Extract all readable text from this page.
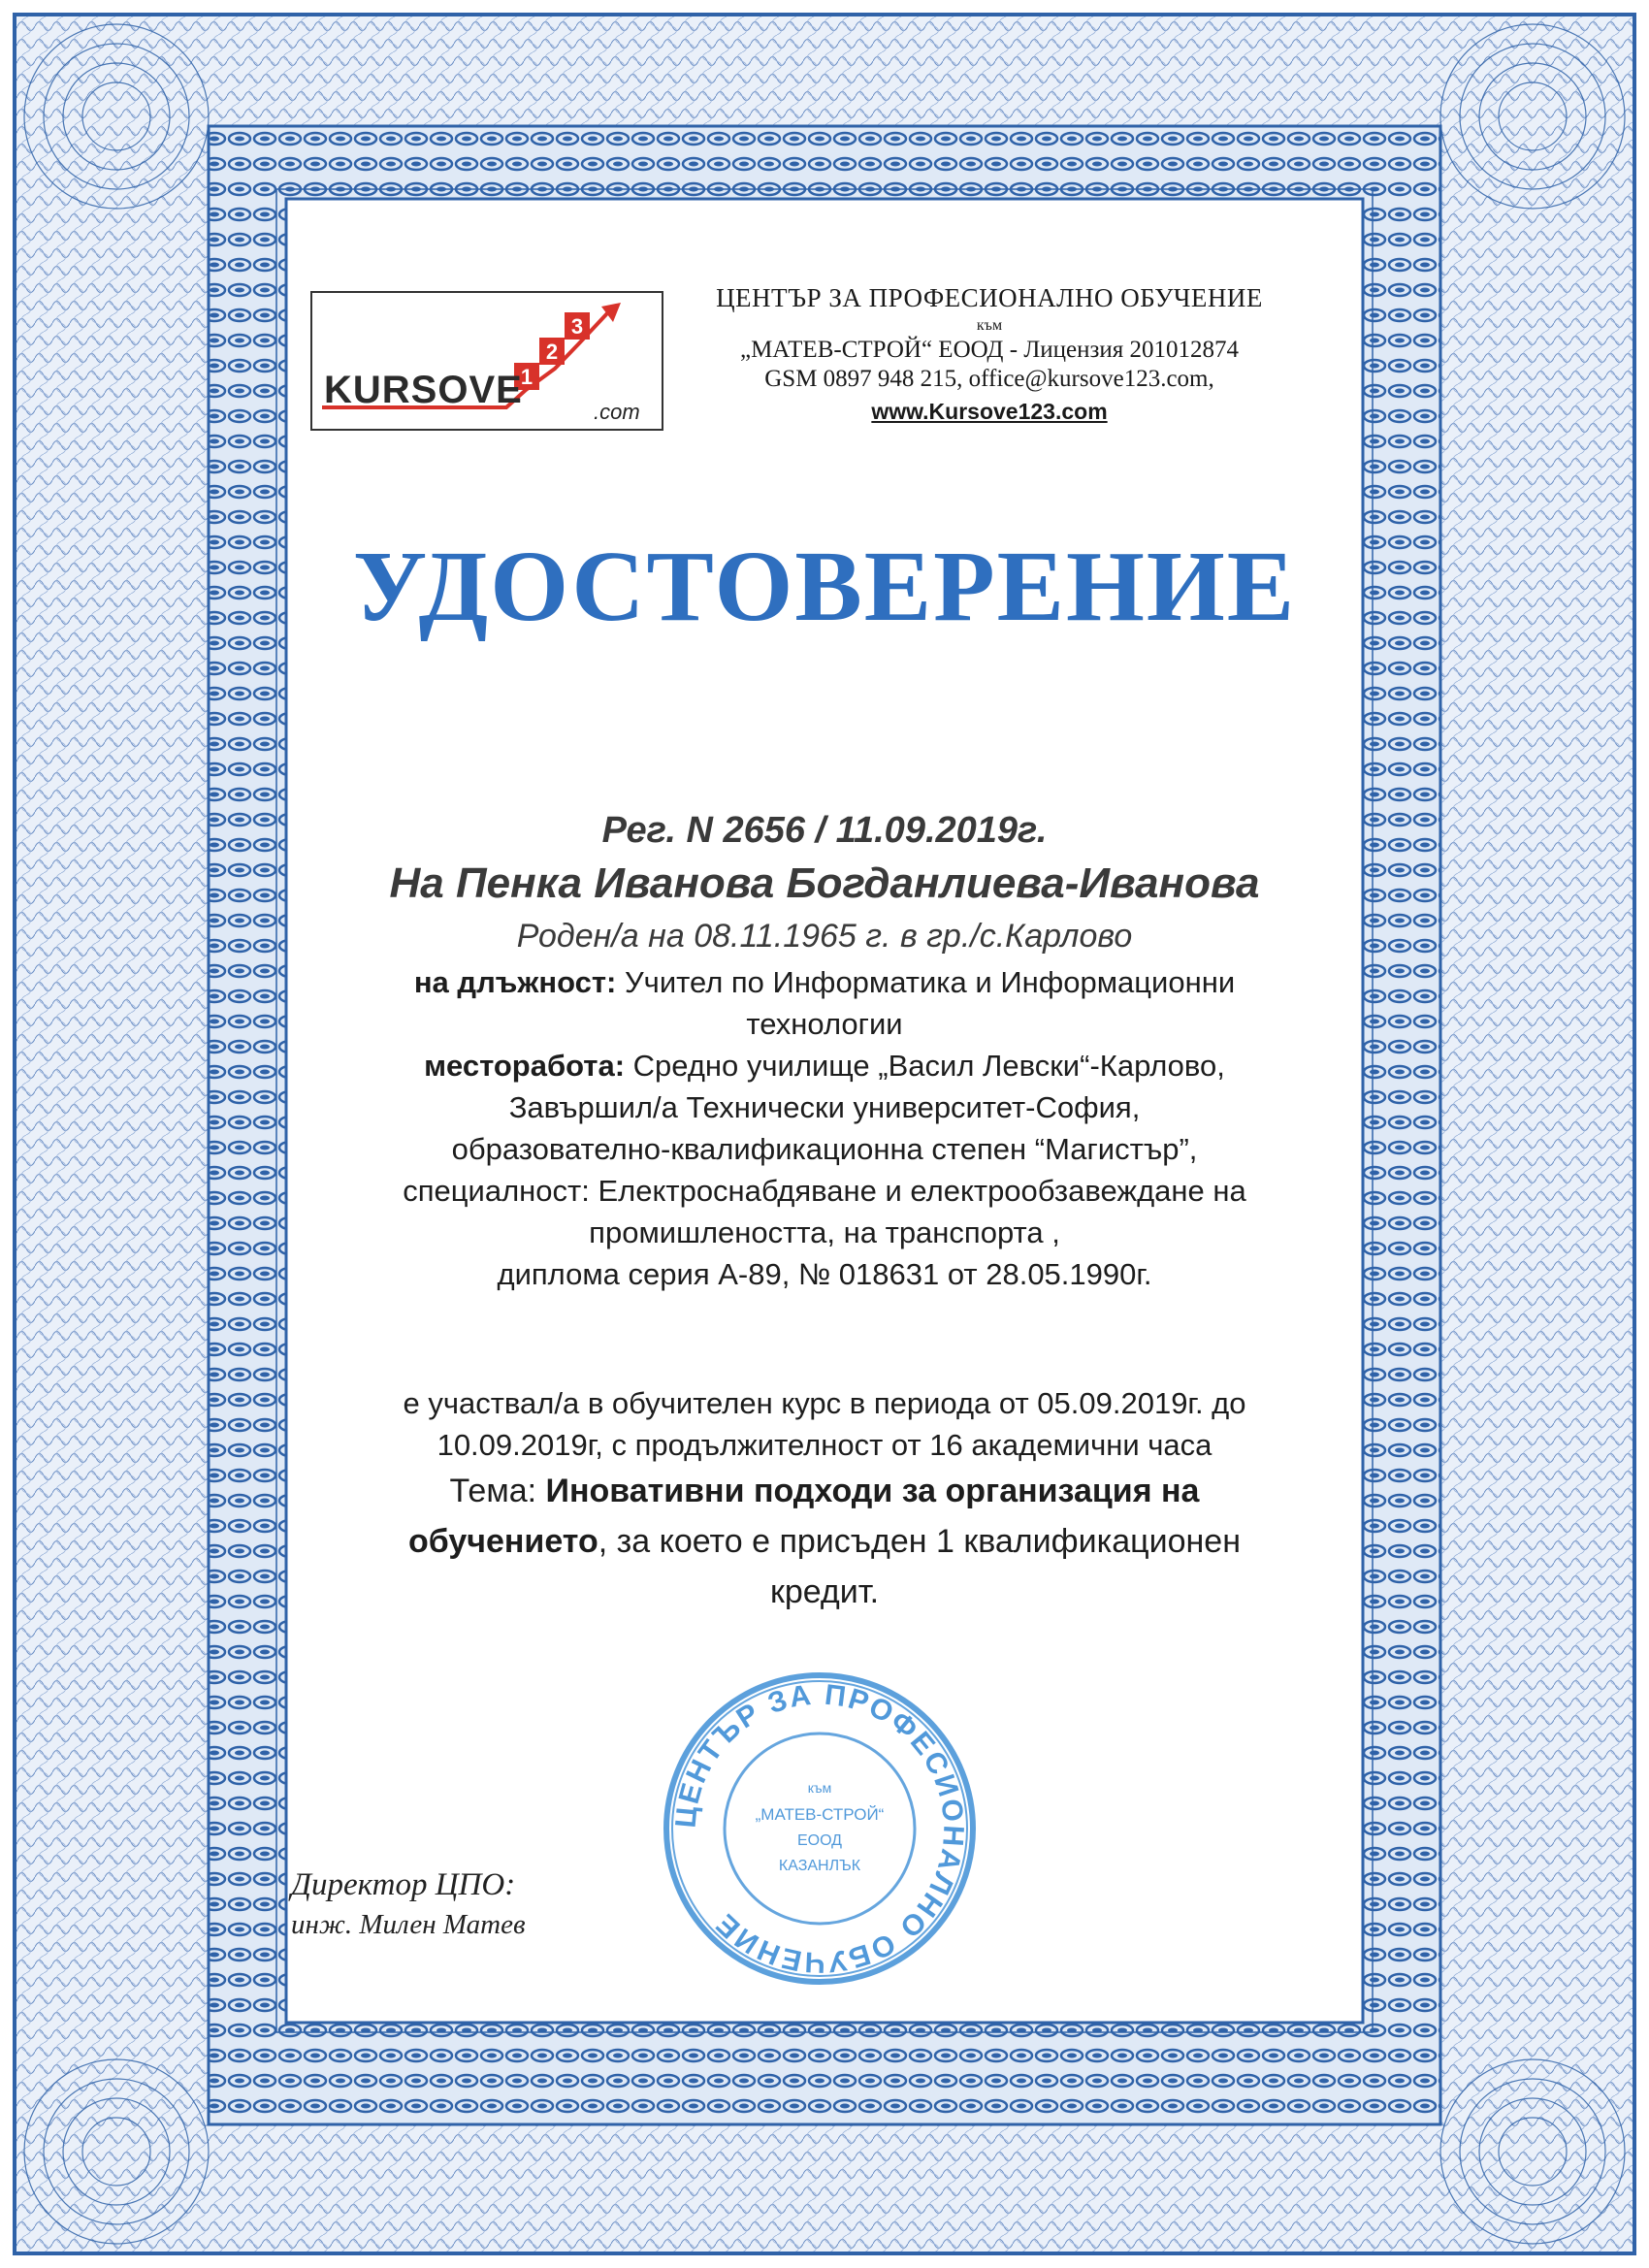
1
2
3
KURSOVE
.com
ЦЕНТЪР ЗА ПРОФЕСИОНАЛНО ОБУЧЕНИЕ
към
„МАТЕВ-СТРОЙ“ ЕООД - Лицензия 201012874
GSM 0897 948 215, office@kursove123.com,
www.Kursove123.com
УДОСТОВЕРЕНИЕ
Рег. N 2656 / 11.09.2019г.
На Пенка Иванова Богданлиева-Иванова
Роден/а на 08.11.1965 г. в гр./с.Карлово
на длъжност: Учител по Информатика и Информационни
технологии
месторабота: Средно училище „Васил Левски“-Карлово,
Завършил/а Технически университет-София,
образователно-квалификационна степен “Магистър”,
специалност: Електроснабдяване и електрообзавеждане на
промишлеността, на транспорта ,
диплома серия А-89, № 018631 от 28.05.1990г.
е участвал/а в обучителен курс в периода от 05.09.2019г. до
10.09.2019г, с продължителност от 16 академични часа
Тема: Иновативни подходи за организация на
обучението, за което е присъден 1 квалификационен
кредит.
ЦЕНТЪР ЗА ПРОФЕСИОНАЛНО ОБУЧЕНИЕ
към
„МАТЕВ-СТРОЙ“
ЕООД
КАЗАНЛЪК
Директор ЦПО:
инж. Милен Матев
